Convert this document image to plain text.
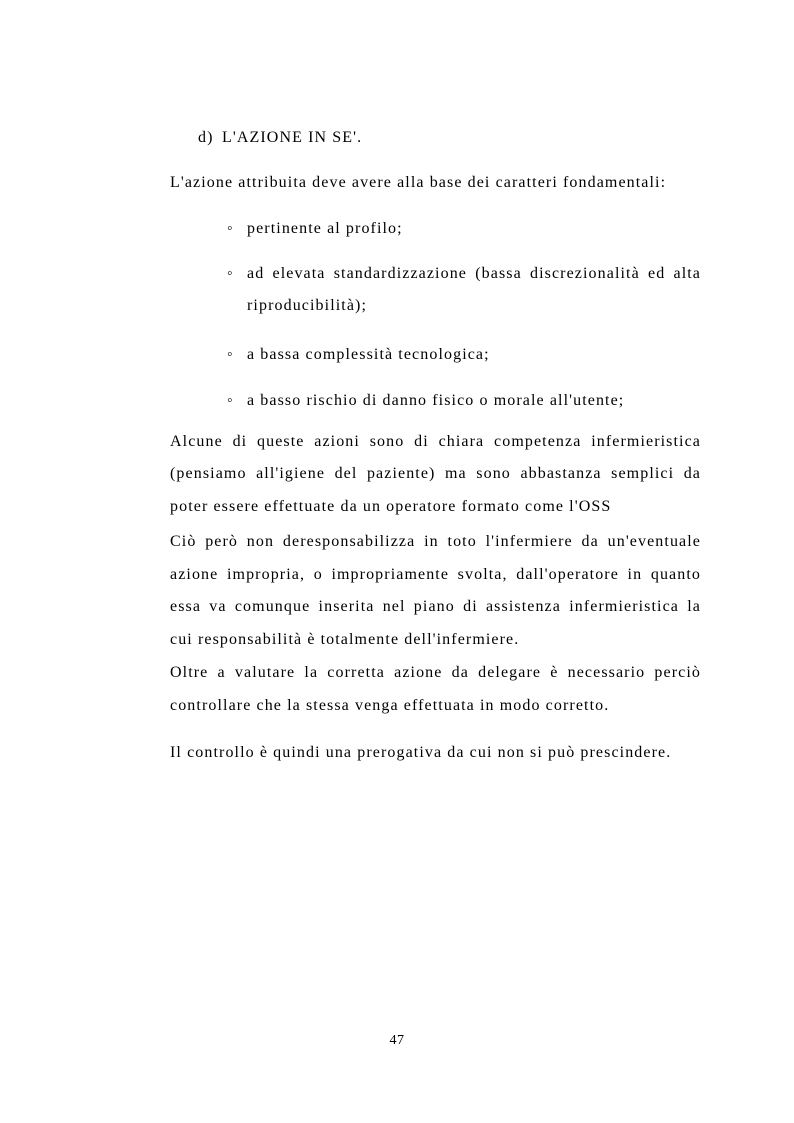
d) L'AZIONE IN SE'.
L'azione attribuita deve avere alla base dei caratteri fondamentali:
◦ pertinente al profilo;
◦ ad elevata standardizzazione (bassa discrezionalità ed alta
riproducibilità);
◦ a bassa complessità tecnologica;
◦ a basso rischio di danno fisico o morale all'utente;
Alcune di queste azioni sono di chiara competenza infermieristica
(pensiamo all'igiene del paziente) ma sono abbastanza semplici da
poter essere effettuate da un operatore formato come l'OSS
Ciò però non deresponsabilizza in toto l'infermiere da un'eventuale
azione impropria, o impropriamente svolta, dall'operatore in quanto
essa va comunque inserita nel piano di assistenza infermieristica la
cui responsabilità è totalmente dell'infermiere.
Oltre a valutare la corretta azione da delegare è necessario perciò
controllare che la stessa venga effettuata in modo corretto.
Il controllo è quindi una prerogativa da cui non si può prescindere.
47
